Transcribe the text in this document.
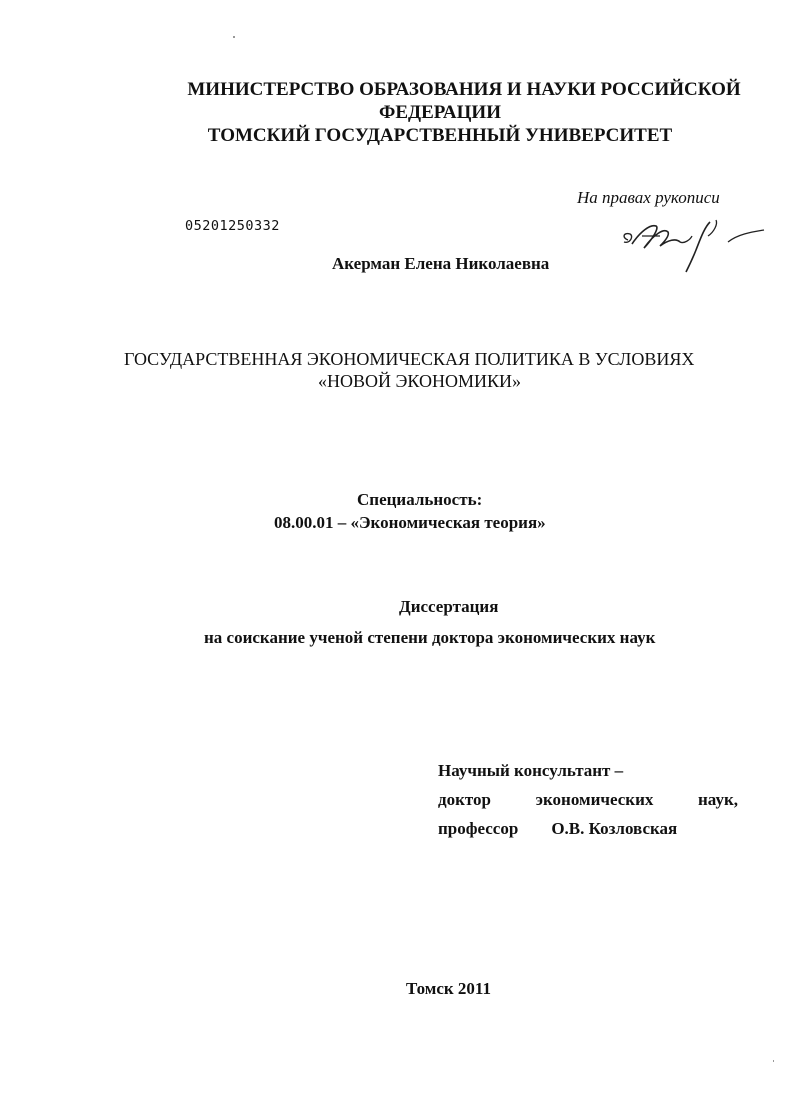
МИНИСТЕРСТВО ОБРАЗОВАНИЯ И НАУКИ РОССИЙСКОЙ
ФЕДЕРАЦИИ
ТОМСКИЙ ГОСУДАРСТВЕННЫЙ УНИВЕРСИТЕТ
На правах рукописи
05201250332
Акерман Елена Николаевна
ГОСУДАРСТВЕННАЯ ЭКОНОМИЧЕСКАЯ ПОЛИТИКА В УСЛОВИЯХ
«НОВОЙ ЭКОНОМИКИ»
Специальность:
08.00.01 – «Экономическая теория»
Диссертация
на соискание ученой степени доктора экономических наук
Научный консультант –
доктор	экономических	наук,
профессор О.В. Козловская
Томск 2011
